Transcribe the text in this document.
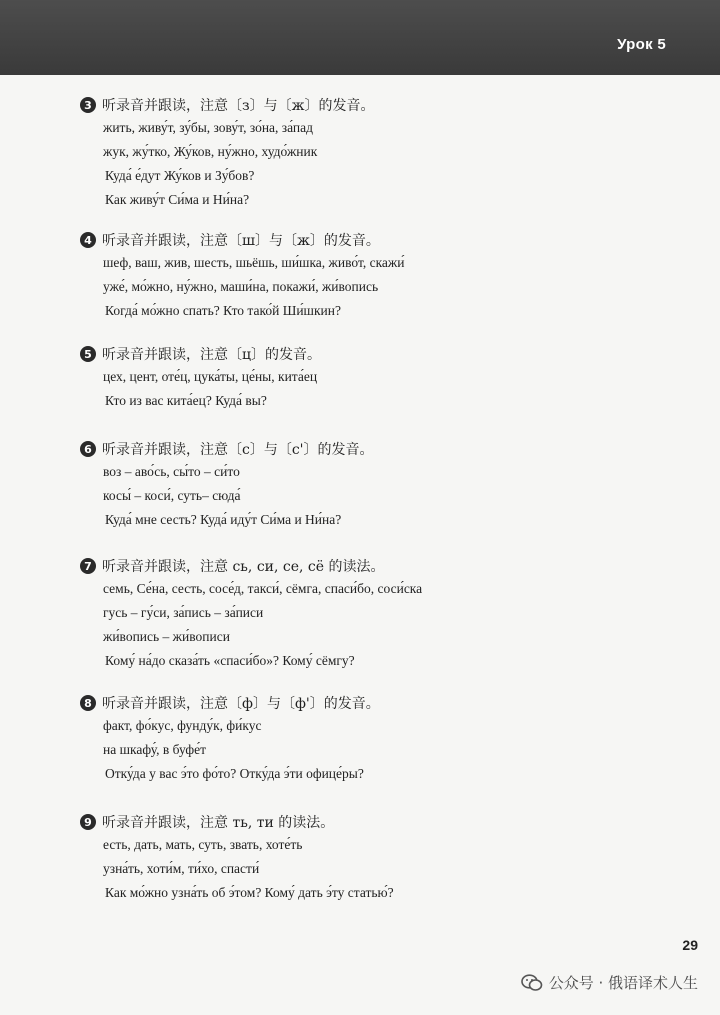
Урок 5
3 听录音并跟读，注意〔з〕与〔ж〕的发音。
жить, живу́т, зу́бы, зову́т, зо́на, за́пад
жук, жу́тко, Жу́ков, ну́жно, худо́жник
Куда́ е́дут Жу́ков и Зу́бов?
Как живу́т Си́ма и Ни́на?
4 听录音并跟读，注意〔ш〕与〔ж〕的发音。
шеф, ваш, жив, шесть, шьёшь, ши́шка, живо́т, скажи́
уже́, мо́жно, ну́жно, маши́на, покажи́, жи́вопись
Когда́ мо́жно спать? Кто тако́й Ши́шкин?
5 听录音并跟读，注意〔ц〕的发音。
цех, цент, оте́ц, цука́ты, це́ны, кита́ец
Кто из вас кита́ец? Куда́ вы?
6 听录音并跟读，注意〔с〕与〔с'〕的发音。
воз – аво́сь, сы́то – си́то
косы́ – коси́, суть– сюда́
Куда́ мне сесть? Куда́ иду́т Си́ма и Ни́на?
7 听录音并跟读，注意 сь, си, се, сё 的读法。
семь, Се́на, сесть, сосе́д, такси́, сёмга, спаси́бо, соси́ска
гусь – гу́си, за́пись – за́писи
жи́вопись – жи́вописи
Кому́ на́до сказа́ть «спаси́бо»? Кому́ сёмгу?
8 听录音并跟读，注意〔ф〕与〔ф'〕的发音。
факт, фо́кус, фунду́к, фи́кус
на шкафу́, в буфе́т
Отку́да у вас э́то фо́то? Отку́да э́ти офице́ры?
9 听录音并跟读，注意 ть, ти 的读法。
есть, дать, мать, суть, звать, хоте́ть
узна́ть, хоти́м, ти́хо, спасти́
Как мо́жно узна́ть об э́том? Кому́ дать э́ту статью́?
29
公众号 · 俄语译术人生
